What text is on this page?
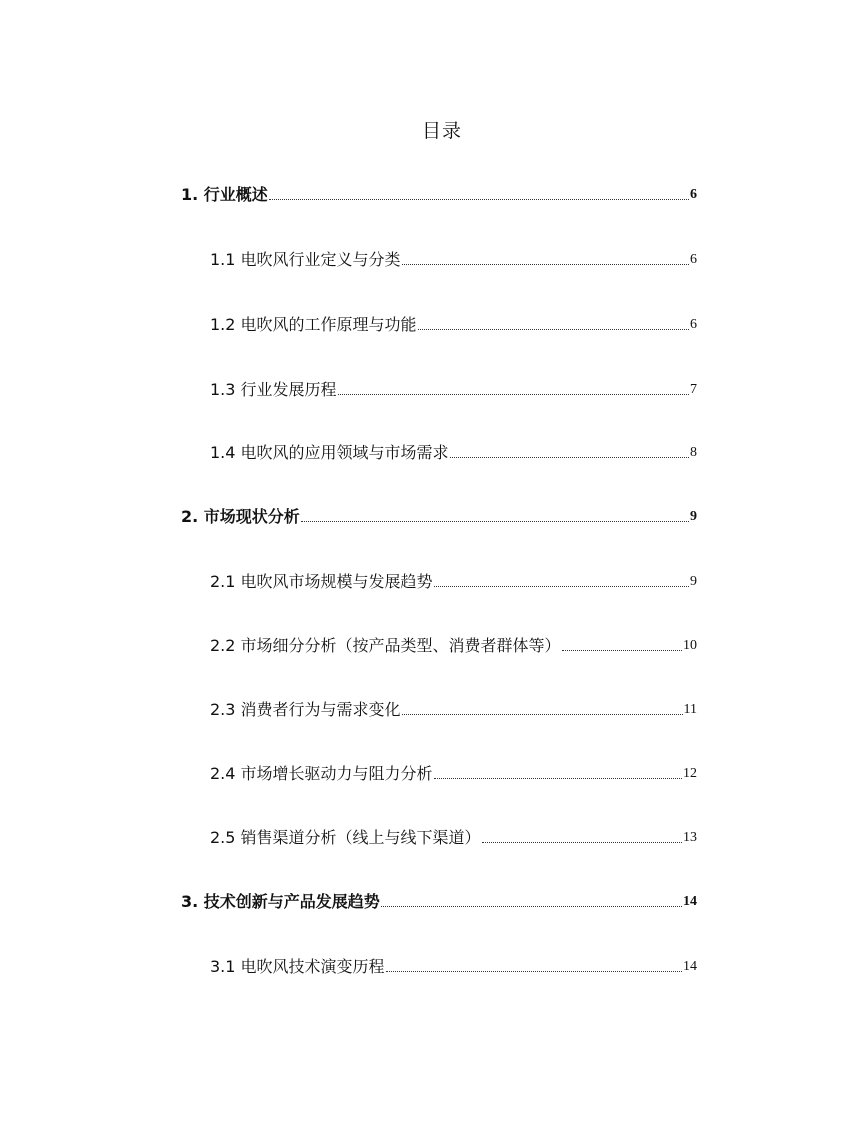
目录
1. 行业概述	6
1.1 电吹风行业定义与分类	6
1.2 电吹风的工作原理与功能	6
1.3 行业发展历程	7
1.4 电吹风的应用领域与市场需求	8
2. 市场现状分析	9
2.1 电吹风市场规模与发展趋势	9
2.2 市场细分分析（按产品类型、消费者群体等）	10
2.3 消费者行为与需求变化	11
2.4 市场增长驱动力与阻力分析	12
2.5 销售渠道分析（线上与线下渠道）	13
3. 技术创新与产品发展趋势	14
3.1 电吹风技术演变历程	14
